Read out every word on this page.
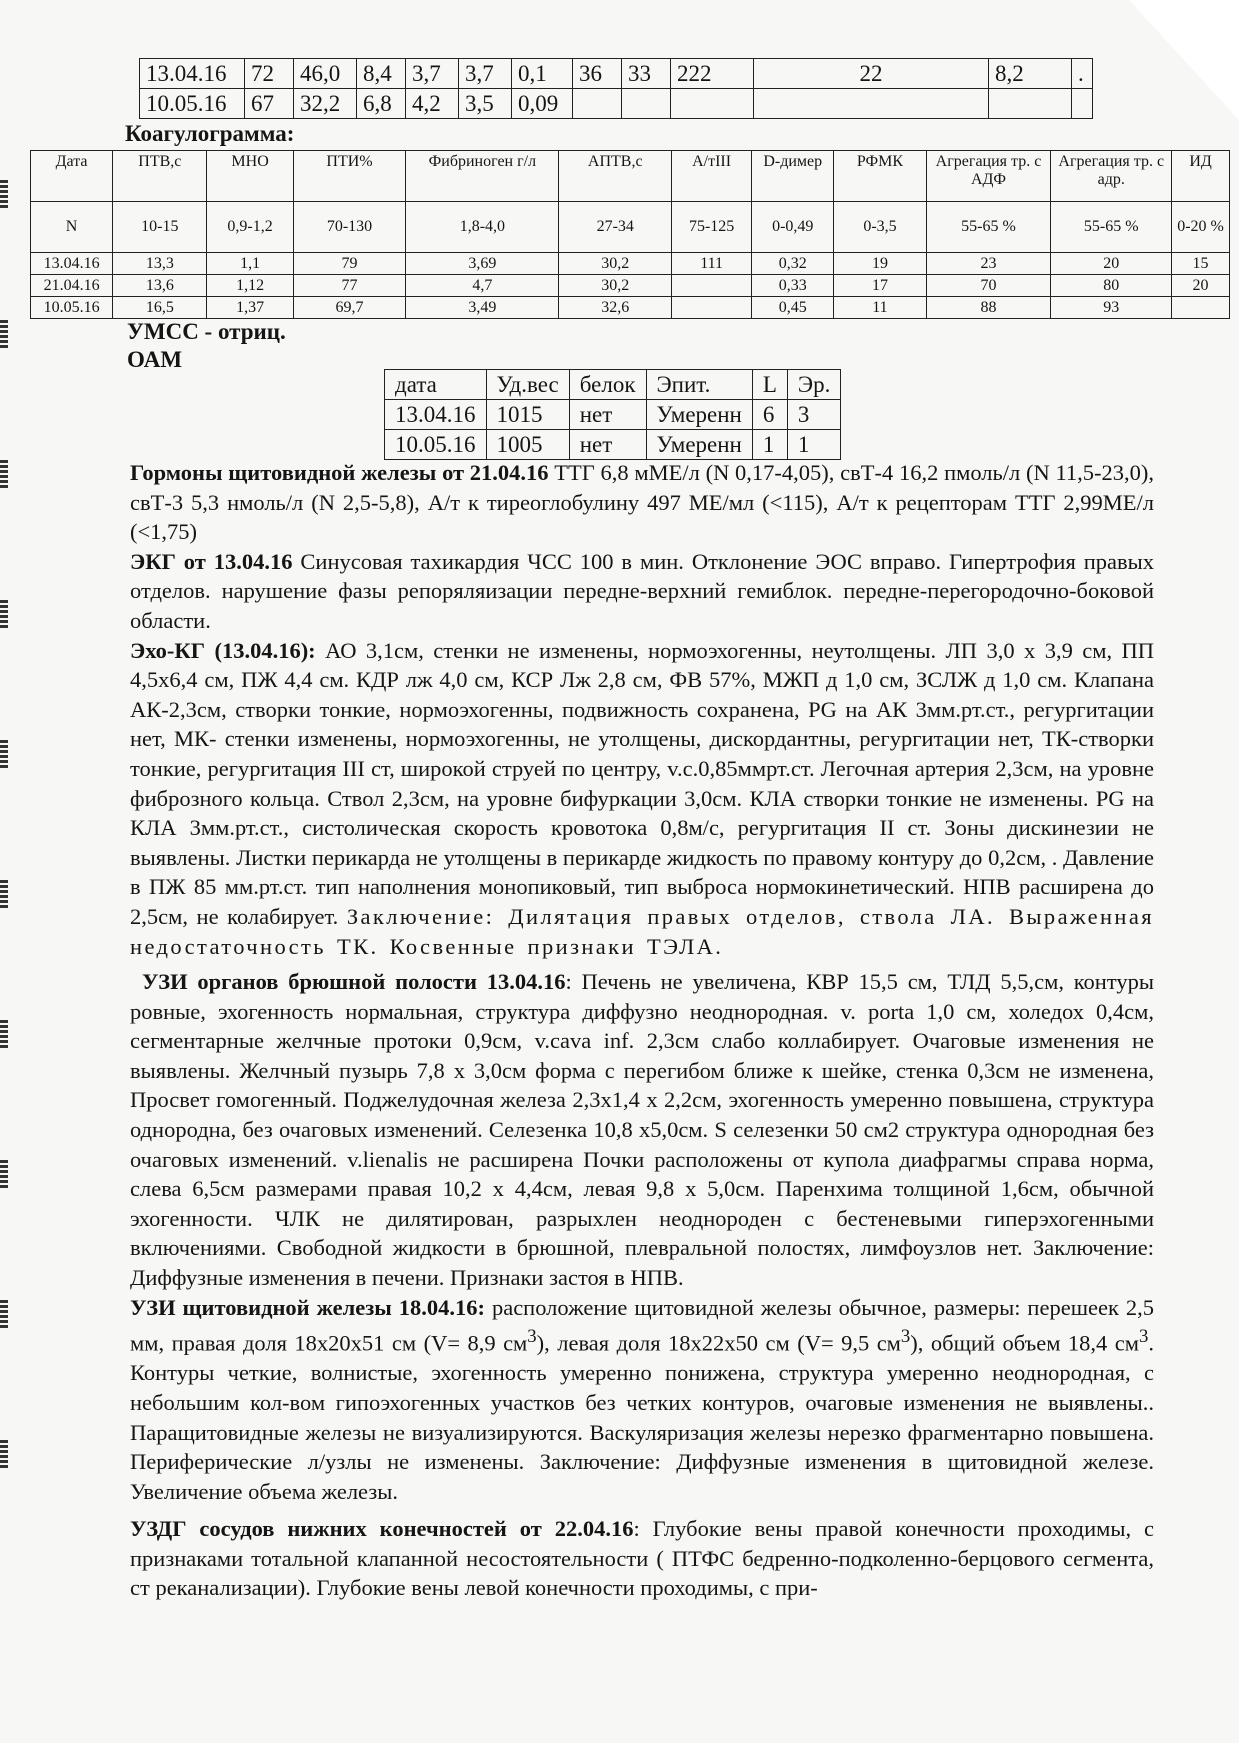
13.04.16	72	46,0	8,4	3,7	3,7	0,1	36	33	222	22	8,2	.
10.05.16	67	32,2	6,8	4,2	3,5	0,09						
Коагулограмма:
Дата	ПТВ,с	МНО	ПТИ%	Фибриноген г/л	АПТВ,с	А/тIII	D-димер	РФМК	Агрегация тр. с АДФ	Агрегация тр. с адр.	ИД
N	10-15	0,9-1,2	70-130	1,8-4,0	27-34	75-125	0-0,49	0-3,5	55-65 %	55-65 %	0-20 %
13.04.16	13,3	1,1	79	3,69	30,2	111	0,32	19	23	20	15
21.04.16	13,6	1,12	77	4,7	30,2		0,33	17	70	80	20
10.05.16	16,5	1,37	69,7	3,49	32,6		0,45	11	88	93	
УМСС - отриц.
ОАМ
дата	Уд.вес	белок	Эпит.	L	Эр.
13.04.16	1015	нет	Умеренн	6	3
10.05.16	1005	нет	Умеренн	1	1

Гормоны щитовидной железы от 21.04.16 ТТГ 6,8 мМЕ/л (N 0,17-4,05), свТ-4 16,2 пмоль/л (N 11,5-23,0), свТ-3 5,3 нмоль/л (N 2,5-5,8), А/т к тиреоглобулину 497 МЕ/мл (<115), А/т к рецепторам ТТГ 2,99МЕ/л (<1,75)

ЭКГ от 13.04.16 Синусовая тахикардия ЧСС 100 в мин. Отклонение ЭОС вправо. Гипертрофия правых отделов. нарушение фазы репоряляизации передне-верхний гемиблок. передне-перегородочно-боковой области.

Эхо-КГ (13.04.16): АО 3,1см, стенки не изменены, нормоэхогенны, неутолщены. ЛП 3,0 х 3,9 см, ПП 4,5х6,4 см, ПЖ 4,4 см. КДР лж 4,0 см, КСР Лж 2,8 см, ФВ 57%, МЖП д 1,0 см, ЗСЛЖ д 1,0 см. Клапана АК-2,3см, створки тонкие, нормоэхогенны, подвижность сохранена, PG на АК 3мм.рт.ст., регургитации нет, МК- стенки изменены, нормоэхогенны, не утолщены, дискордантны, регургитации нет, ТК-створки тонкие, регургитация III ст, широкой струей по центру, v.c.0,85ммрт.ст. Легочная артерия 2,3см, на уровне фиброзного кольца. Ствол 2,3см, на уровне бифуркации 3,0см. КЛА створки тонкие не изменены. PG на КЛА 3мм.рт.ст., систолическая скорость кровотока 0,8м/с, регургитация II ст. Зоны дискинезии не выявлены. Листки перикарда не утолщены в перикарде жидкость по правому контуру до 0,2см, . Давление в ПЖ 85 мм.рт.ст. тип наполнения монопиковый, тип выброса нормокинетический. НПВ расширена до 2,5см, не колабирует. Заключение: Дилятация правых отделов, ствола ЛА. Выраженная недостаточность ТК. Косвенные признаки ТЭЛА.

УЗИ органов брюшной полости 13.04.16: Печень не увеличена, КВР 15,5 см, ТЛД 5,5,см, контуры ровные, эхогенность нормальная, структура диффузно неоднородная. v. porta 1,0 см, холедох 0,4см, сегментарные желчные протоки 0,9см, v.cava inf. 2,3см слабо коллабирует. Очаговые изменения не выявлены. Желчный пузырь 7,8 х 3,0см форма с перегибом ближе к шейке, стенка 0,3см не изменена, Просвет гомогенный. Поджелудочная железа 2,3х1,4 х 2,2см, эхогенность умеренно повышена, структура однородна, без очаговых изменений. Селезенка 10,8 х5,0см. S селезенки 50 см2 структура однородная без очаговых изменений. v.lienalis не расширена Почки расположены от купола диафрагмы справа норма, слева 6,5см размерами правая 10,2 х 4,4см, левая 9,8 х 5,0см. Паренхима толщиной 1,6см, обычной эхогенности. ЧЛК не дилятирован, разрыхлен неоднороден с бестеневыми гиперэхогенными включениями. Свободной жидкости в брюшной, плевральной полостях, лимфоузлов нет. Заключение: Диффузные изменения в печени. Признаки застоя в НПВ.

УЗИ щитовидной железы 18.04.16: расположение щитовидной железы обычное, размеры: перешеек 2,5 мм, правая доля 18х20х51 см (V= 8,9 $см^3$), левая доля 18х22х50 см (V= 9,5 $см^3$), общий объем 18,4 $см^3$. Контуры четкие, волнистые, эхогенность умеренно понижена, структура умеренно неоднородная, с небольшим кол-вом гипоэхогенных участков без четких контуров, очаговые изменения не выявлены.. Паращитовидные железы не визуализируются. Васкуляризация железы нерезко фрагментарно повышена. Периферические л/узлы не изменены. Заключение: Диффузные изменения в щитовидной железе. Увеличение объема железы.

УЗДГ сосудов нижних конечностей от 22.04.16: Глубокие вены правой конечности проходимы, с признаками тотальной клапанной несостоятельности ( ПТФС бедренно-подколенно-берцового сегмента, ст реканализации). Глубокие вены левой конечности проходимы, с при-
